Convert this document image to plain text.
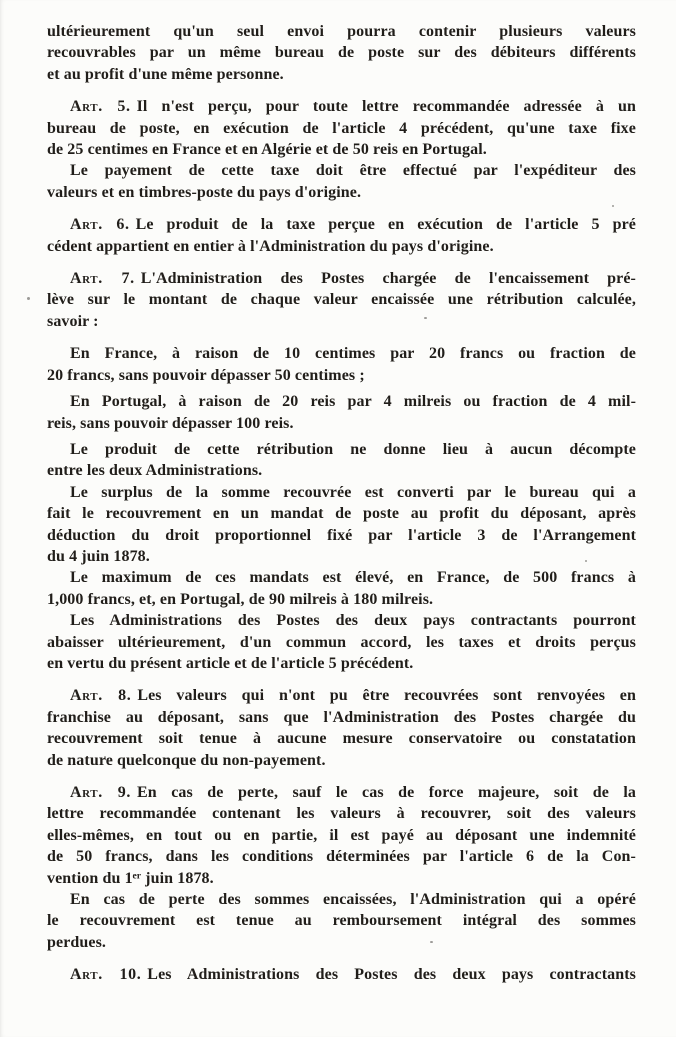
ultérieurement qu'un seul envoi pourra contenir plusieurs valeurs
recouvrables par un même bureau de poste sur des débiteurs différents
et au profit d'une même personne.

Art. 5. Il n'est perçu, pour toute lettre recommandée adressée à un
bureau de poste, en exécution de l'article 4 précédent, qu'une taxe fixe
de 25 centimes en France et en Algérie et de 50 reis en Portugal.

Le payement de cette taxe doit être effectué par l'expéditeur des
valeurs et en timbres-poste du pays d'origine.

Art. 6. Le produit de la taxe perçue en exécution de l'article 5 pré
cédent appartient en entier à l'Administration du pays d'origine.

Art. 7. L'Administration des Postes chargée de l'encaissement pré-
lève sur le montant de chaque valeur encaissée une rétribution calculée,
savoir :

En France, à raison de 10 centimes par 20 francs ou fraction de
20 francs, sans pouvoir dépasser 50 centimes ;

En Portugal, à raison de 20 reis par 4 milreis ou fraction de 4 mil-
reis, sans pouvoir dépasser 100 reis.

Le produit de cette rétribution ne donne lieu à aucun décompte
entre les deux Administrations.

Le surplus de la somme recouvrée est converti par le bureau qui a
fait le recouvrement en un mandat de poste au profit du déposant, après
déduction du droit proportionnel fixé par l'article 3 de l'Arrangement
du 4 juin 1878.

Le maximum de ces mandats est élevé, en France, de 500 francs à
1,000 francs, et, en Portugal, de 90 milreis à 180 milreis.

Les Administrations des Postes des deux pays contractants pourront
abaisser ultérieurement, d'un commun accord, les taxes et droits perçus
en vertu du présent article et de l'article 5 précédent.

Art. 8. Les valeurs qui n'ont pu être recouvrées sont renvoyées en
franchise au déposant, sans que l'Administration des Postes chargée du
recouvrement soit tenue à aucune mesure conservatoire ou constatation
de nature quelconque du non-payement.

Art. 9. En cas de perte, sauf le cas de force majeure, soit de la
lettre recommandée contenant les valeurs à recouvrer, soit des valeurs
elles-mêmes, en tout ou en partie, il est payé au déposant une indemnité
de 50 francs, dans les conditions déterminées par l'article 6 de la Con-
vention du 1ᵉʳ juin 1878.

En cas de perte des sommes encaissées, l'Administration qui a opéré
le recouvrement est tenue au remboursement intégral des sommes
perdues.

Art. 10. Les Administrations des Postes des deux pays contractants
